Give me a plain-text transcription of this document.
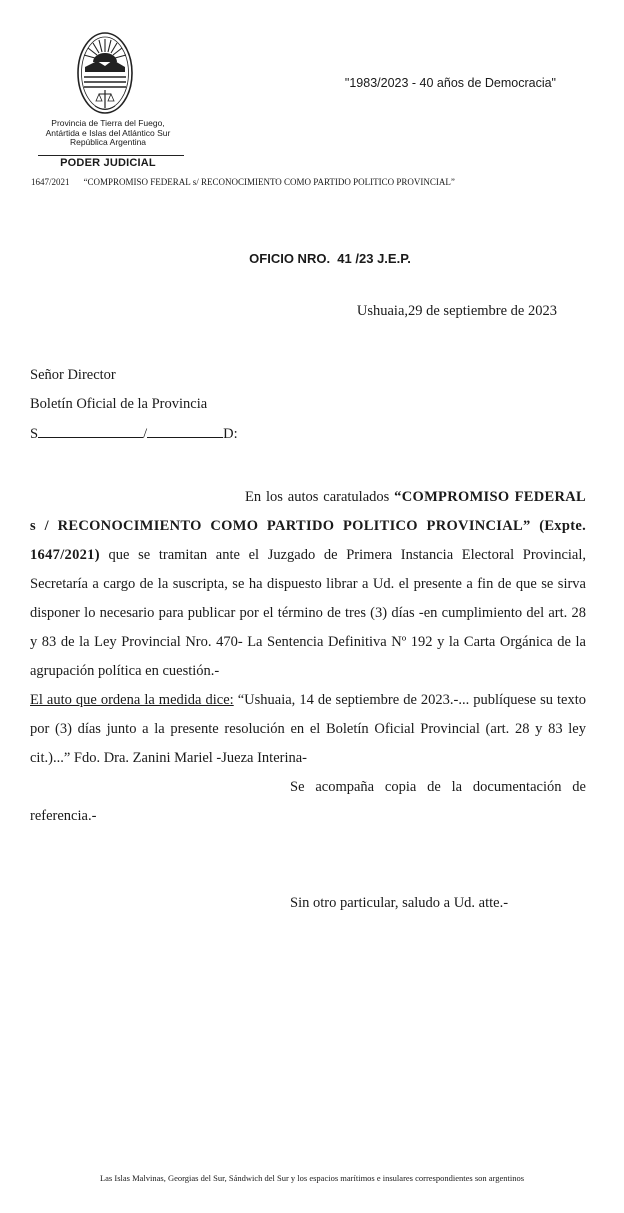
Provincia de Tierra del Fuego,
Antártida e Islas del Atlántico Sur
República Argentina
PODER JUDICIAL
"1983/2023 - 40 años de Democracia"
1647/2021 “COMPROMISO FEDERAL s/ RECONOCIMIENTO COMO PARTIDO POLITICO PROVINCIAL”
OFICIO NRO. 41 /23 J.E.P.
Ushuaia,29 de septiembre de 2023
Señor Director
Boletín Oficial de la Provincia
S	/	D:

En los autos caratulados “COMPROMISO FEDERAL s / RECONOCIMIENTO COMO PARTIDO POLITICO PROVINCIAL” (Expte. 1647/2021) que se tramitan ante el Juzgado de Primera Instancia Electoral Provincial, Secretaría a cargo de la suscripta, se ha dispuesto librar a Ud. el presente a fin de que se sirva disponer lo necesario para publicar por el término de tres (3) días -en cumplimiento del art. 28 y 83 de la Ley Provincial Nro. 470- La Sentencia Definitiva Nº 192 y la Carta Orgánica de la agrupación política en cuestión.-

El auto que ordena la medida dice: “Ushuaia, 14 de septiembre de 2023.-... publíquese su texto por (3) días junto a la presente resolución en el Boletín Oficial Provincial (art. 28 y 83 ley cit.)...” Fdo. Dra. Zanini Mariel -Jueza Interina-

Se acompaña copia de la documentación de referencia.-

Sin otro particular, saludo a Ud. atte.-
Las Islas Malvinas, Georgias del Sur, Sándwich del Sur y los espacios marítimos e insulares correspondientes son argentinos
